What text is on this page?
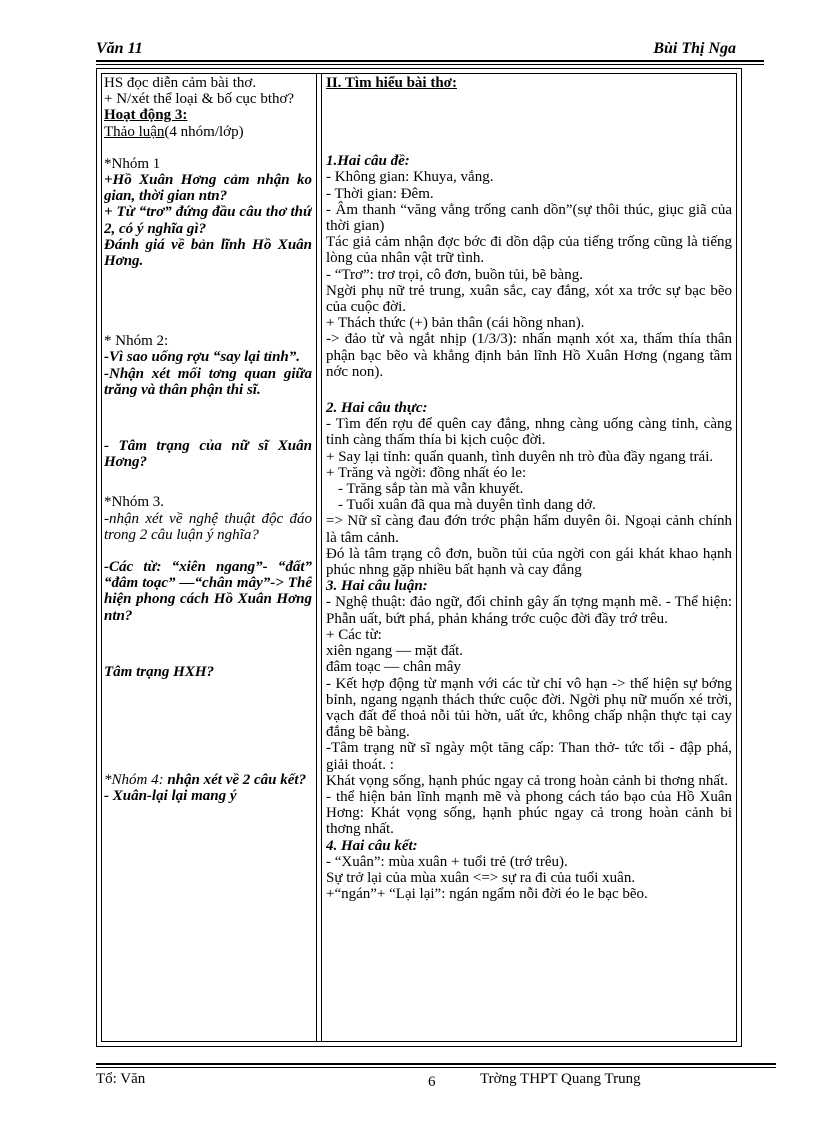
Văn 11	Bùi Thị Nga

HS đọc diễn cảm bài thơ.

+ N/xét thể loại & bố cục bthơ?

Hoạt động 3:

Thảo luận(4 nhóm/lớp)

*Nhóm 1

+Hồ Xuân Hơng cảm nhận ko gian, thời gian ntn?

+ Từ “trơ” đứng đầu câu thơ thứ 2, có ý nghĩa gì?

Đánh giá về bản lĩnh Hồ Xuân Hơng.

* Nhóm 2:

-Vì sao uống rợu “say lại tỉnh”.

-Nhận xét mối tơng quan giữa trăng và thân phận thi sĩ.

- Tâm trạng của nữ sĩ Xuân Hơng?

*Nhóm 3.

-nhận xét về nghệ thuật độc đáo trong 2 câu luận ý nghĩa?

-Các từ: “xiên ngang”- “đất” “đâm toạc” —“chân mây”-> Thể hiện phong cách Hồ Xuân Hơng ntn?

Tâm trạng HXH?

*Nhóm 4: nhận xét về 2 câu kết?

- Xuân-lại lại mang ý

II. Tìm hiểu bài thơ:

1.Hai câu đề:

- Không gian: Khuya, vắng.

- Thời gian: Đêm.

- Âm thanh “văng vẳng trống canh dồn”(sự thôi thúc, giục giã của thời gian)

Tác giả cảm nhận đợc bớc đi dồn dập của tiếng trống cũng là tiếng lòng của nhân vật trữ tình.

- “Trơ”: trơ trọi, cô đơn, buồn tủi, bẽ bàng.

Ngời phụ nữ trẻ trung, xuân sắc, cay đắng, xót xa trớc sự bạc bẽo của cuộc đời.

+ Thách thức (+) bản thân (cái hồng nhan).

-> đảo từ và ngắt nhịp (1/3/3): nhấn mạnh xót xa, thấm thía thân phận bạc bẽo và khẳng định bản lĩnh Hồ Xuân Hơng (ngang tầm nớc non).

2. Hai câu thực:

- Tìm đến rợu để quên cay đắng, nhng càng uống càng tỉnh, càng tỉnh càng thấm thía bi kịch cuộc đời.

+ Say lại tỉnh: quẩn quanh, tình duyên nh trò đùa đầy ngang trái.

+ Trăng và ngời: đồng nhất éo le:

- Trăng sắp tàn mà vẫn khuyết.

- Tuổi xuân đã qua mà duyên tình dang dở.

=> Nữ sĩ càng đau đớn trớc phận hẩm duyên ôi. Ngoại cảnh chính là tâm cảnh.

Đó là tâm trạng cô đơn, buồn tủi của ngời con gái khát khao hạnh phúc nhng gặp nhiều bất hạnh và cay đắng

3. Hai câu luận:

- Nghệ thuật: đảo ngữ, đối chỉnh gây ấn tợng mạnh mẽ. - Thể hiện: Phẫn uất, bứt phá, phản kháng trớc cuộc đời đầy trớ trêu.

+ Các từ:

xiên ngang — mặt đất.

đâm toạc — chân mây

- Kết hợp động từ mạnh với các từ chỉ vô hạn -> thể hiện sự bớng bỉnh, ngang ngạnh thách thức cuộc đời. Ngời phụ nữ muốn xé trời, vạch đất để thoả nỗi tủi hờn, uất ức, không chấp nhận thực tại cay đắng bẽ bàng.

-Tâm trạng nữ sĩ ngày một tăng cấp: Than thở- tức tối - đập phá, giải thoát. :

Khát vọng sống, hạnh phúc ngay cả trong hoàn cảnh bi thơng nhất.

- thể hiện bản lĩnh mạnh mẽ và phong cách táo bạo của Hồ Xuân Hơng: Khát vọng sống, hạnh phúc ngay cả trong hoàn cảnh bi thơng nhất.

4. Hai câu kết:

- “Xuân”: mùa xuân + tuổi trẻ (trớ trêu).

Sự trở lại của mùa xuân <=> sự ra đi của tuổi xuân.

+“ngán”+ “Lại lại”: ngán ngẩm nỗi đời éo le bạc bẽo.

Tổ: Văn	6	Trờng THPT Quang Trung
